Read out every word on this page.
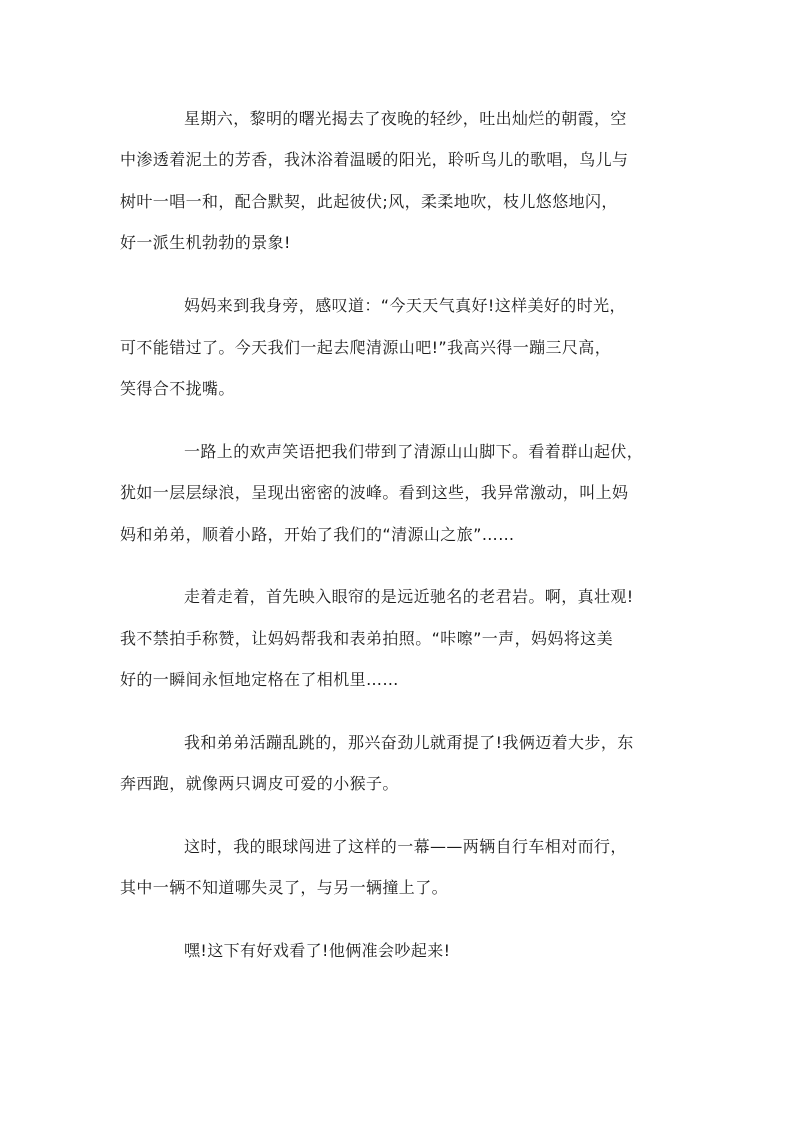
星期六，黎明的曙光揭去了夜晚的轻纱，吐出灿烂的朝霞，空
中渗透着泥土的芳香，我沐浴着温暖的阳光，聆听鸟儿的歌唱，鸟儿与
树叶一唱一和，配合默契，此起彼伏;风，柔柔地吹，枝儿悠悠地闪，
好一派生机勃勃的景象!
妈妈来到我身旁，感叹道：“今天天气真好!这样美好的时光，
可不能错过了。今天我们一起去爬清源山吧!”我高兴得一蹦三尺高，
笑得合不拢嘴。
一路上的欢声笑语把我们带到了清源山山脚下。看着群山起伏，
犹如一层层绿浪，呈现出密密的波峰。看到这些，我异常激动，叫上妈
妈和弟弟，顺着小路，开始了我们的“清源山之旅”……
走着走着，首先映入眼帘的是远近驰名的老君岩。啊，真壮观!
我不禁拍手称赞，让妈妈帮我和表弟拍照。“咔嚓”一声，妈妈将这美
好的一瞬间永恒地定格在了相机里……
我和弟弟活蹦乱跳的，那兴奋劲儿就甭提了!我俩迈着大步，东
奔西跑，就像两只调皮可爱的小猴子。
这时，我的眼球闯进了这样的一幕——两辆自行车相对而行，
其中一辆不知道哪失灵了，与另一辆撞上了。
嘿!这下有好戏看了!他俩准会吵起来!
